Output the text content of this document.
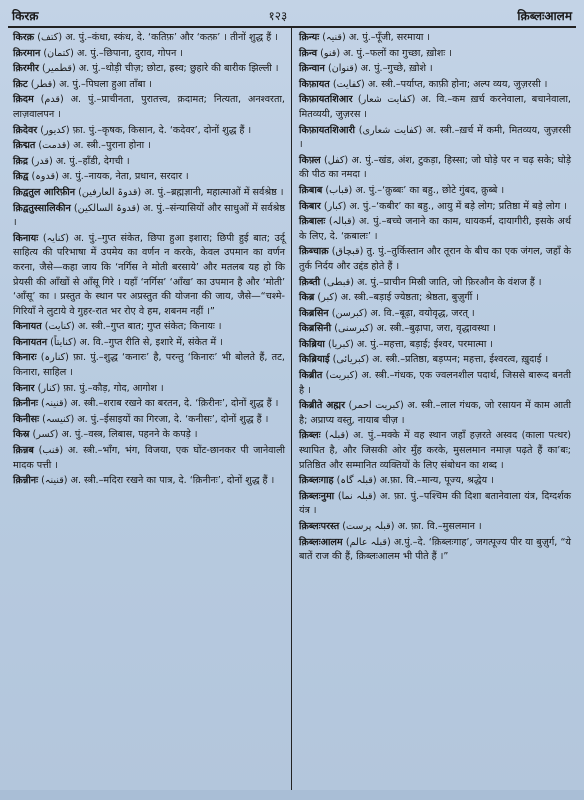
किरक़	१२३	क़िब्लःआलम

किरक़ (کتف) अ. पुं.–कंधा, स्कंध, दे. ‘कतिफ़’ और ‘कत्फ़’ । तीनों शुद्ध हैं ।

क़िरमान (کتمان) अ. पुं.–छिपाना, दुराव, गोपन ।

क़िरमीर (قطمیر) अ. पुं.–थोड़ी चीज़; छोटा, ह्रस्व; छुहारे की बारीक झिल्ली ।

क़िट (قطر) अ. पुं.–पिघला हुआ ताँबा ।

क़िदम (قدم) अ. पुं.–प्राचीनता, पुरातत्त्व, क़दामत; नित्यता, अनश्वरता, लाज़वालपन ।

क़िदेवर (کدیور) फ़ा. पुं.–कृषक, किसान, दे. ‘कदेवर’, दोनों शुद्ध हैं ।

क़िद्मत (قدمت) अ. स्त्री.–पुराना होना ।

क़िद्र (قدر) अ. पुं.–हाँडी, देगची ।

क़िद्व (قدوہ) अ. पुं.–नायक, नेता, प्रधान, सरदार ।

क़िद्वतुल आरिफ़ीन (قدوۃ العارفین) अ. पुं.–ब्रह्मज्ञानी, महात्माओं में सर्वश्रेष्ठ ।

क़िद्वतुस्सालिकीन (قدوۃ السالکین) अ. पुं.–संन्यासियों और साधुओं में सर्वश्रेष्ठ ।

किनायः (کنایہ) अ. पुं.–गुप्त संकेत, छिपा हुआ इशारा; छिपी हुई बात; उर्दू साहित्य की परिभाषा में उपमेय का वर्णन न करके, केवल उपमान का वर्णन करना, जैसे—कहा जाय कि ‘नर्गिस ने मोती बरसाये’ और मतलब यह हो कि प्रेयसी की आँखों से आँसू गिरे । यहाँ ‘नर्गिस’ ‘आँख’ का उपमान है और ‘मोती’ ‘आँसू’ का । प्रस्तुत के स्थान पर अप्रस्तुत की योजना की जाय, जैसे—“चश्मे-गिरियाँ ने लुटाये वे गुहर-रात भर रोए वे हम, शबनम नहीं ।”

किनायत (کنایت) अ. स्त्री.–गुप्त बात; गुप्त संकेत; किनायः ।

किनायतन (کنایتاً) अ. वि.–गुप्त रीति से, इशारे में, संकेत में ।

किनारः (کنارہ) फ़ा. पुं.–शुद्ध ‘कनारः’ है, परन्तु ‘किनारः’ भी बोलते हैं, तट, किनारा, साहिल ।

किनार (کنار) फ़ा. पुं.–कौड़, गोद, आगोश ।

क़िनीनः (قنینہ) अ. स्त्री.–शराब रखने का बरतन, दे. ‘क़िरीनः’, दोनों शुद्ध हैं ।

किनीसः (کنیسہ) अ. पुं.–ईसाइयों का गिरजा, दे. ‘कनीसः’, दोनों शुद्ध हैं ।

किस्र (کسر) अ. पुं.–वस्त्र, लिबास, पहनने के कपड़े ।

क़िन्नब (قنب) अ. स्त्री.–भाँग, भंग, विजया, एक घोंट-छानकर पी जानेवाली मादक पत्ती ।

क़िन्नीनः (قنینہ) अ. स्त्री.–मदिरा रखने का पात्र, दे. ‘क़िनीनः’, दोनों शुद्ध हैं ।

क़िन्यः (قنیہ) अ. पुं.–पूँजी, सरमाया ।

क़िन्व (قنو) अ. पुं.–फलों का गुच्छा, ख़ोशः ।

क़िन्वान (قنوان) अ. पुं.–गुच्छे, ख़ोशे ।

किफ़ायत (کفایت) अ. स्त्री.–पर्याप्त, काफ़ी होना; अल्प व्यय, जुज़रसी ।

किफ़ायतशिआर (کفایت شعار) अ. वि.–कम ख़र्च करनेवाला, बचानेवाला, मितव्ययी, जुज़रस ।

किफ़ायतशिआरी (کفایت شعاری) अ. स्त्री.–ख़र्च में कमी, मितव्यय, जुज़रसी ।

किफ़्ल (کفل) अ. पुं.–खंड, अंश, टुकड़ा, हिस्सा; जो घोड़े पर न चढ़ सके; घोड़े की पीठ का नमदा ।

क़िबाब (قباب) अ. पुं.–‘क़ुब्बः’ का बहु., छोटे गुंबद, क़ुब्बे ।

किबार (کبار) अ. पुं.–‘कबीर’ का बहु., आयु में बड़े लोग; प्रतिष्ठा में बड़े लोग ।

क़िबालः (قبالہ) अ. पुं.–बच्चे जनाने का काम, धायकर्म, दायागीरी, इसके अर्थ के लिए, दे. ‘क़बालः’ ।

क़िब्चाक़ (قبچاق) तु. पुं.–तुर्किस्तान और तूरान के बीच का एक जंगल, जहाँ के तुर्क निर्दय और उद्दंड होते हैं ।

क़िब्ती (قبطی) अ. पुं.–प्राचीन मिस्री जाति, जो फ़िरऔन के वंशज हैं ।

किब्र (کبر) अ. स्त्री.–बड़ाई ज्येष्ठता; श्रेष्ठता, बुज़ुर्गी ।

किब्रसिन (کبرسن) अ. वि.–बूढ़ा, वयोवृद्ध, जरत् ।

किब्रसिनी (کبرسنی) अ. स्त्री.–बुढ़ापा, जरा, वृद्धावस्था ।

किब्रिया (کبریا) अ. पुं.–महत्ता, बड़ाई; ईश्वर, परमात्मा ।

किब्रियाई (کبریائی) अ. स्त्री.–प्रतिष्ठा, बड़प्पन; महत्ता, ईश्वरत्व, ख़ुदाई ।

किब्रीत (کبریت) अ. स्त्री.–गंधक, एक ज्वलनशील पदार्थ, जिससे बारूद बनती है ।

किब्रीते अह्मर (کبریت احمر) अ. स्त्री.–लाल गंधक, जो रसायन में काम आती है; अप्राप्य वस्तु, नायाब चीज़ ।

क़िब्लः (قبلہ) अ. पुं.–मक्के में वह स्थान जहाँ हज़रते अस्वद (काला पत्थर) स्थापित है, और जिसकी ओर मुँह करके, मुसलमान नमाज़ पढ़ते हैं का’बः; प्रतिष्ठित और सम्मानित व्यक्तियों के लिए संबोधन का शब्द ।

क़िब्लःगाह (قبلہ گاہ) अ.फ़ा. वि.–मान्य, पूज्य, श्रद्धेय ।

क़िब्लःनुमा (قبلہ نما) अ. फ़ा. पुं.–पश्चिम की दिशा बतानेवाला यंत्र, दिग्दर्शक यंत्र ।

क़िब्लःपरस्त (قبلہ پرست) अ. फ़ा. वि.–मुसलमान ।

क़िब्लःआलम (قبلہ عالم) अ.पुं.–दे. ‘क़िब्लःगाह’, जगत्पूज्य पीर या बुज़ुर्ग, “ये बातें राज की हैं, क़िब्लःआलम भी पीते हैं ।”
